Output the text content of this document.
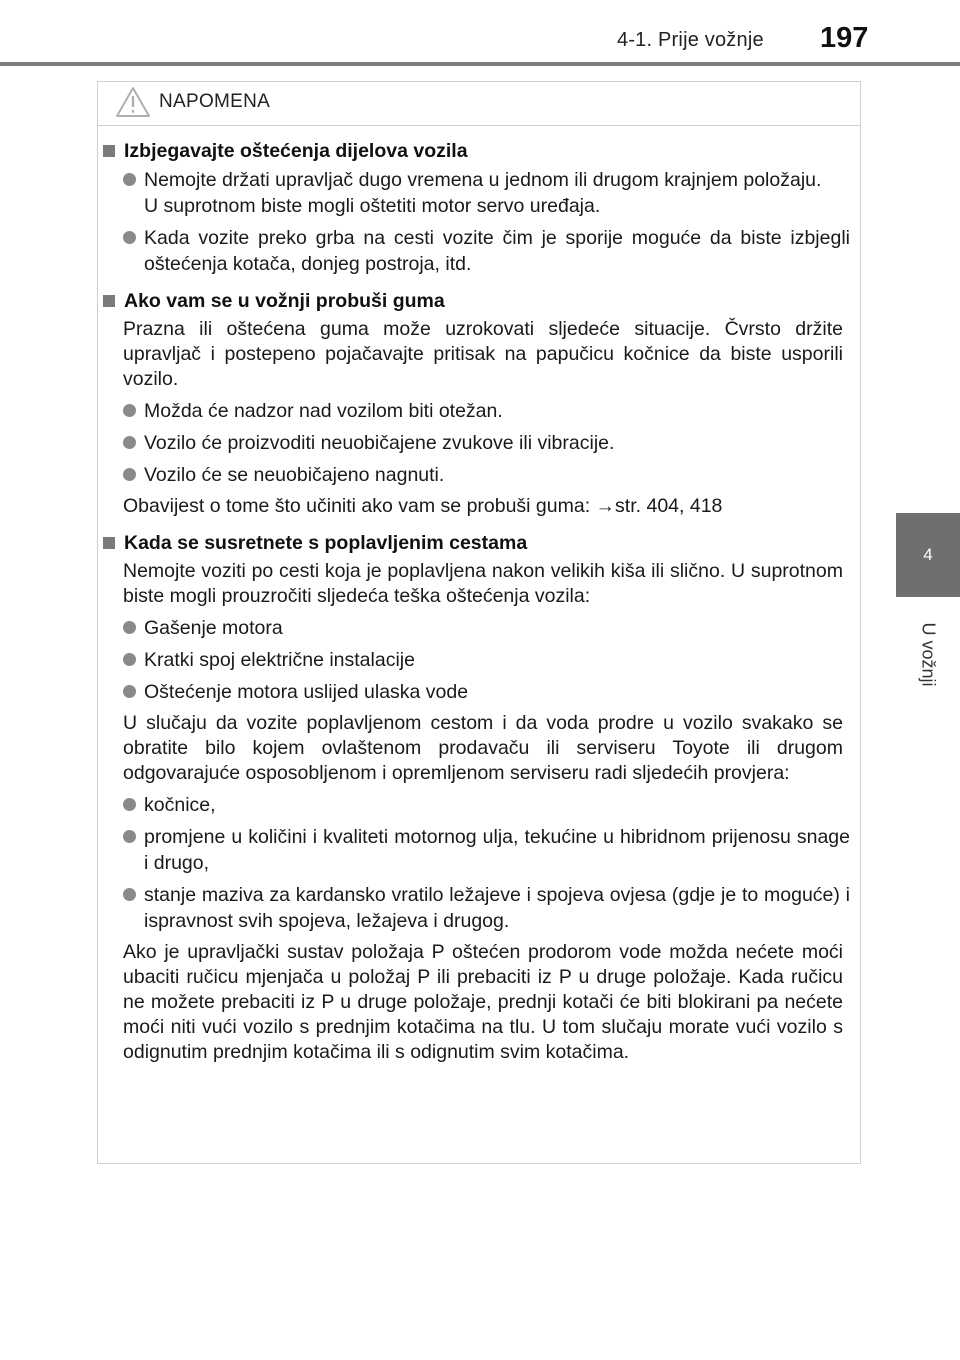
4-1. Prije vožnje	197
4
U vožnji
NAPOMENA
Izbjegavajte oštećenja dijelova vozila
Nemojte držati upravljač dugo vremena u jednom ili drugom krajnjem položaju.
U suprotnom biste mogli oštetiti motor servo uređaja.
Kada vozite preko grba na cesti vozite čim je sporije moguće da biste izbjegli oštećenja kotača, donjeg postroja, itd.
Ako vam se u vožnji probuši guma
Prazna ili oštećena guma može uzrokovati sljedeće situacije. Čvrsto držite upravljač i postepeno pojačavajte pritisak na papučicu kočnice da biste usporili vozilo.
Možda će nadzor nad vozilom biti otežan.
Vozilo će proizvoditi neuobičajene zvukove ili vibracije.
Vozilo će se neuobičajeno nagnuti.
Obavijest o tome što učiniti ako vam se probuši guma: →str. 404, 418
Kada se susretnete s poplavljenim cestama
Nemojte voziti po cesti koja je poplavljena nakon velikih kiša ili slično. U suprotnom biste mogli prouzročiti sljedeća teška oštećenja vozila:
Gašenje motora
Kratki spoj električne instalacije
Oštećenje motora uslijed ulaska vode
U slučaju da vozite poplavljenom cestom i da voda prodre u vozilo svakako se obratite bilo kojem ovlaštenom prodavaču ili serviseru Toyote ili drugom odgovarajuće osposobljenom i opremljenom serviseru radi sljedećih provjera:
kočnice,
promjene u količini i kvaliteti motornog ulja, tekućine u hibridnom prijenosu snage i drugo,
stanje maziva za kardansko vratilo ležajeve i spojeva ovjesa (gdje je to moguće) i ispravnost svih spojeva, ležajeva i drugog.
Ako je upravljački sustav položaja P oštećen prodorom vode možda nećete moći ubaciti ručicu mjenjača u položaj P ili prebaciti iz P u druge položaje. Kada ručicu ne možete prebaciti iz P u druge položaje, prednji kotači će biti blokirani pa nećete moći niti vući vozilo s prednjim kotačima na tlu. U tom slučaju morate vući vozilo s odignutim prednjim kotačima ili s odignutim svim kotačima.
